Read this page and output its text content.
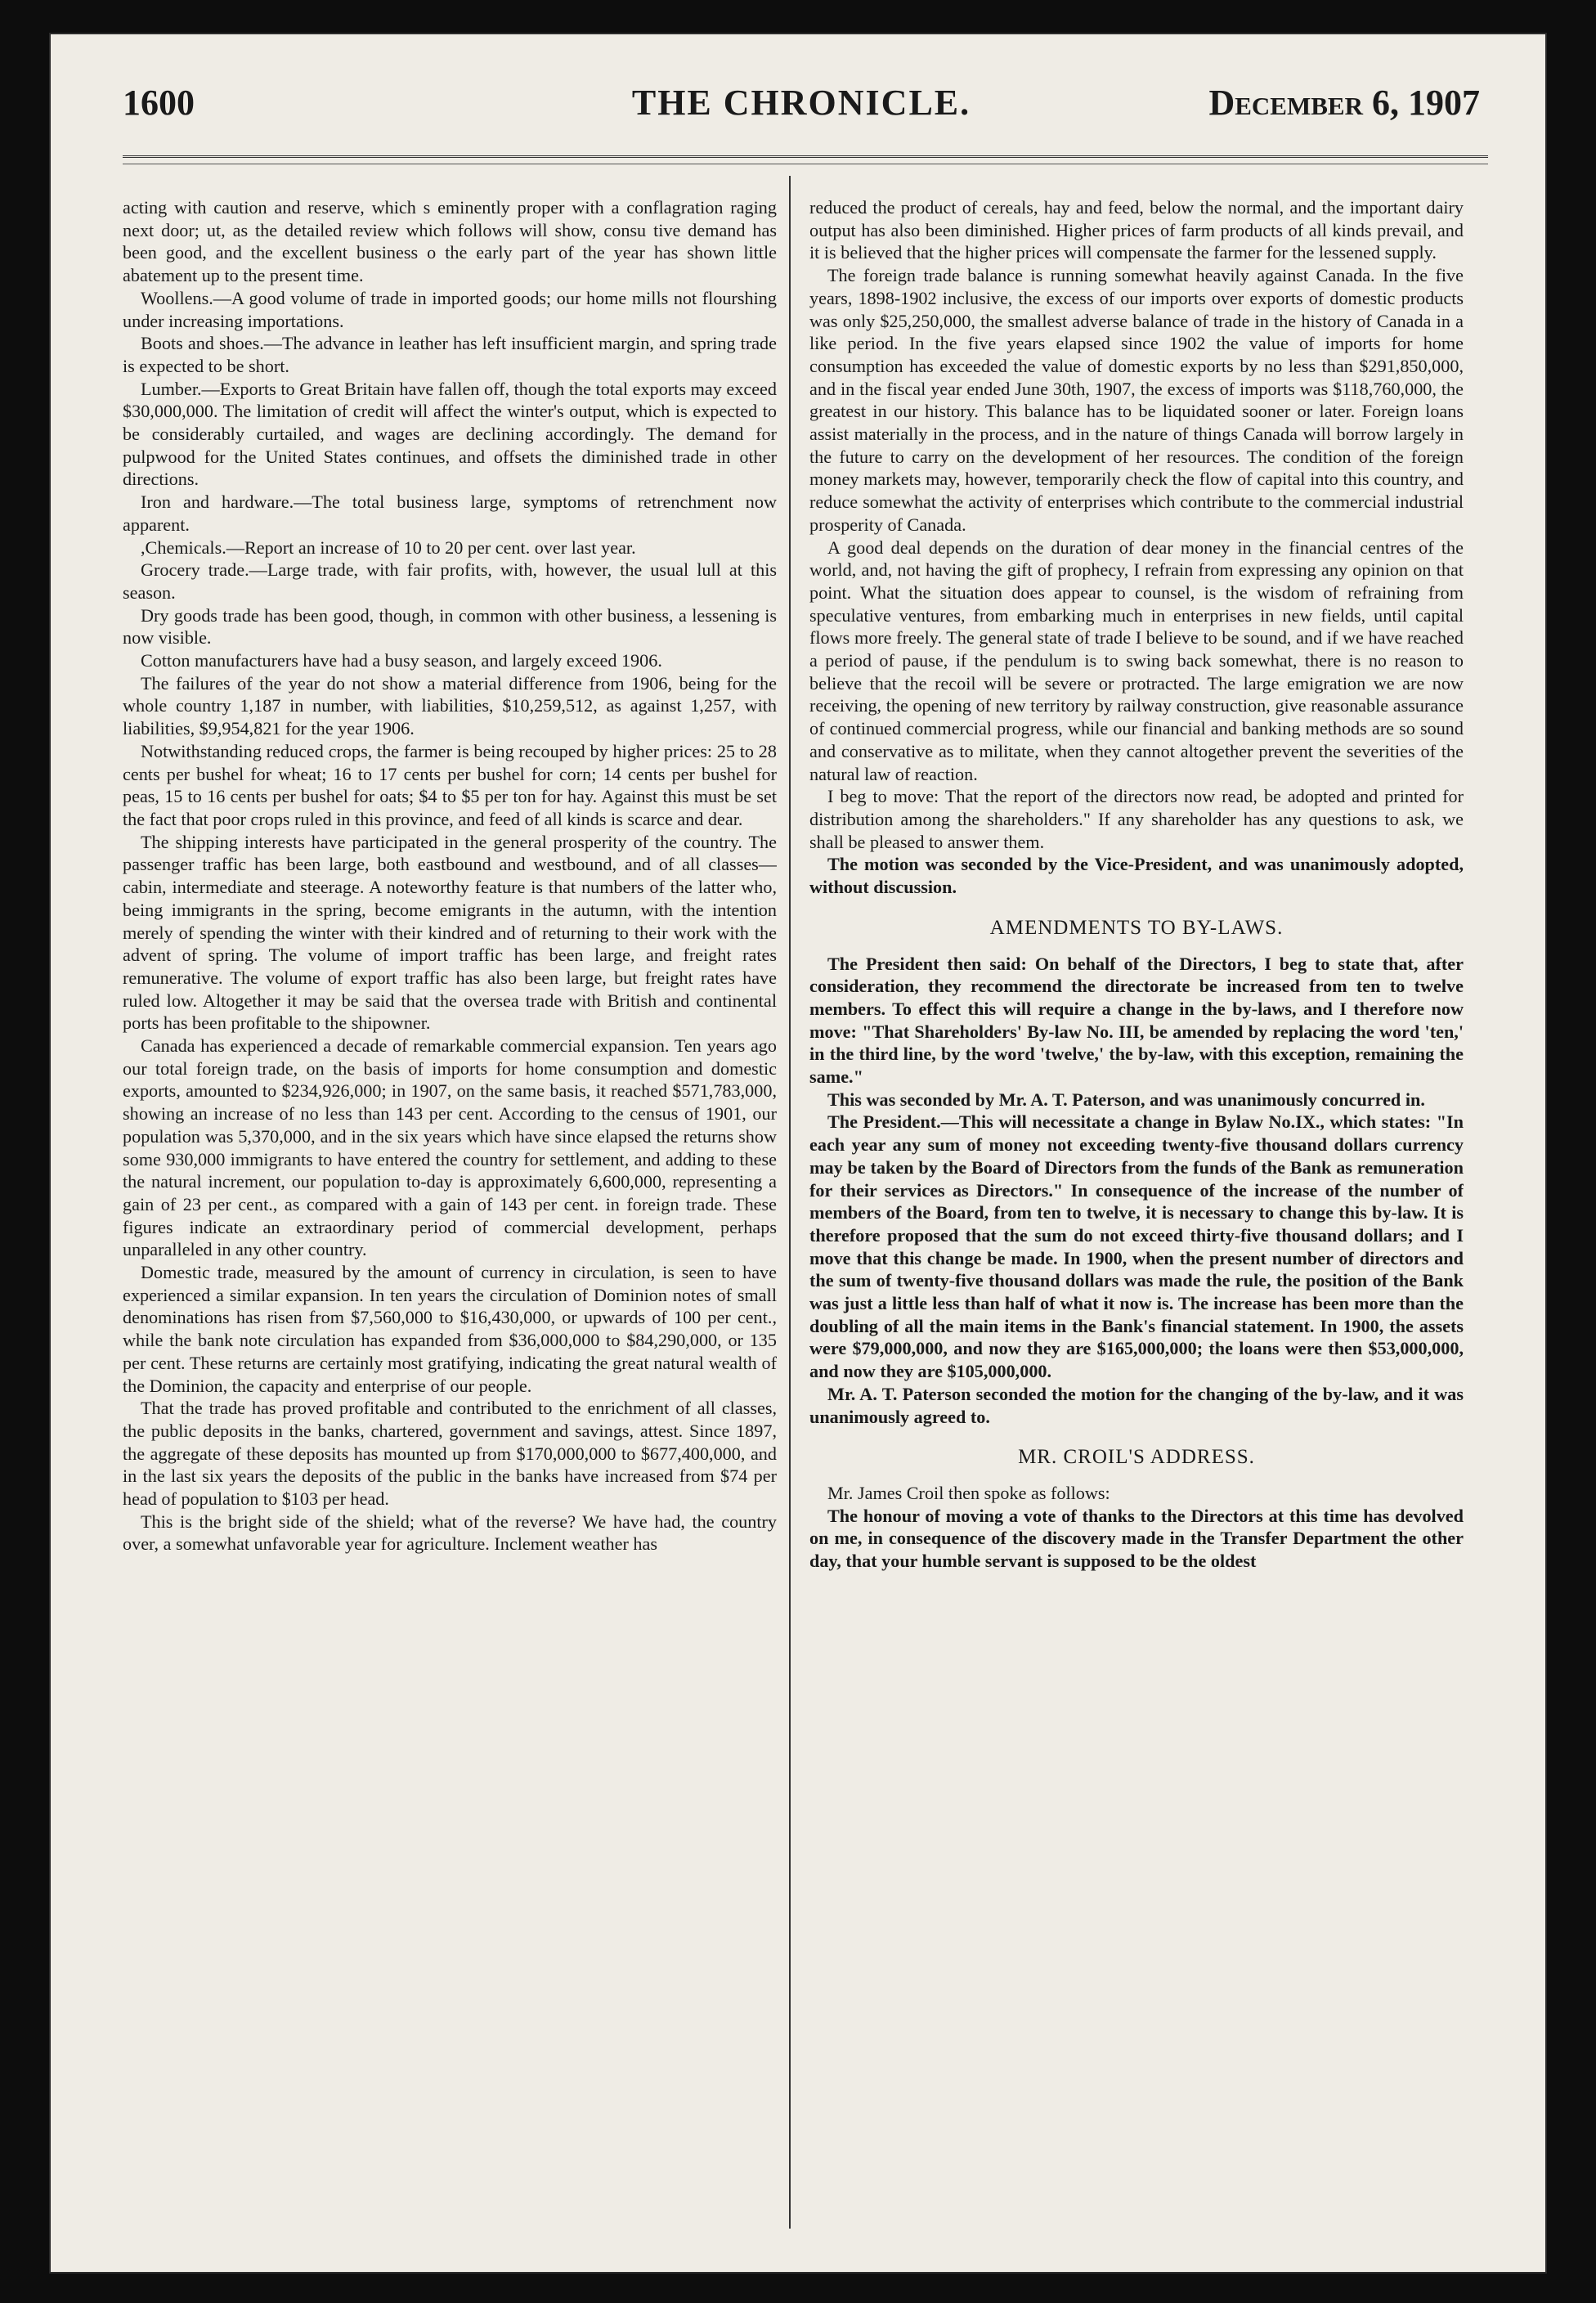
THE CHRONICLE.
1600	December 6, 1907

acting with caution and reserve, which s eminently proper with a conflagration raging next door; ut, as the detailed review which follows will show, consu tive demand has been good, and the excellent business o the early part of the year has shown little abatement up to the present time.

Woollens.—A good volume of trade in imported goods; our home mills not flourshing under increasing importations.

Boots and shoes.—The advance in leather has left insufficient margin, and spring trade is expected to be short.

Lumber.—Exports to Great Britain have fallen off, though the total exports may exceed $30,000,000. The limitation of credit will affect the winter's output, which is expected to be considerably curtailed, and wages are declining accordingly. The demand for pulpwood for the United States continues, and offsets the diminished trade in other directions.

Iron and hardware.—The total business large, symptoms of retrenchment now apparent.

,Chemicals.—Report an increase of 10 to 20 per cent. over last year.

Grocery trade.—Large trade, with fair profits, with, however, the usual lull at this season.

Dry goods trade has been good, though, in common with other business, a lessening is now visible.

Cotton manufacturers have had a busy season, and largely exceed 1906.

The failures of the year do not show a material difference from 1906, being for the whole country 1,187 in number, with liabilities, $10,259,512, as against 1,257, with liabilities, $9,954,821 for the year 1906.

Notwithstanding reduced crops, the farmer is being recouped by higher prices: 25 to 28 cents per bushel for wheat; 16 to 17 cents per bushel for corn; 14 cents per bushel for peas, 15 to 16 cents per bushel for oats; $4 to $5 per ton for hay. Against this must be set the fact that poor crops ruled in this province, and feed of all kinds is scarce and dear.

The shipping interests have participated in the general prosperity of the country. The passenger traffic has been large, both eastbound and westbound, and of all classes—cabin, intermediate and steerage. A noteworthy feature is that numbers of the latter who, being immigrants in the spring, become emigrants in the autumn, with the intention merely of spending the winter with their kindred and of returning to their work with the advent of spring. The volume of import traffic has been large, and freight rates remunerative. The volume of export traffic has also been large, but freight rates have ruled low. Altogether it may be said that the oversea trade with British and continental ports has been profitable to the shipowner.

Canada has experienced a decade of remarkable commercial expansion. Ten years ago our total foreign trade, on the basis of imports for home consumption and domestic exports, amounted to $234,926,000; in 1907, on the same basis, it reached $571,783,000, showing an increase of no less than 143 per cent. According to the census of 1901, our population was 5,370,000, and in the six years which have since elapsed the returns show some 930,000 immigrants to have entered the country for settlement, and adding to these the natural increment, our population to-day is approximately 6,600,000, representing a gain of 23 per cent., as compared with a gain of 143 per cent. in foreign trade. These figures indicate an extraordinary period of commercial development, perhaps unparalleled in any other country.

Domestic trade, measured by the amount of currency in circulation, is seen to have experienced a similar expansion. In ten years the circulation of Dominion notes of small denominations has risen from $7,560,000 to $16,430,000, or upwards of 100 per cent., while the bank note circulation has expanded from $36,000,000 to $84,290,000, or 135 per cent. These returns are certainly most gratifying, indicating the great natural wealth of the Dominion, the capacity and enterprise of our people.

That the trade has proved profitable and contributed to the enrichment of all classes, the public deposits in the banks, chartered, government and savings, attest. Since 1897, the aggregate of these deposits has mounted up from $170,000,000 to $677,400,000, and in the last six years the deposits of the public in the banks have increased from $74 per head of population to $103 per head.

This is the bright side of the shield; what of the reverse? We have had, the country over, a somewhat unfavorable year for agriculture. Inclement weather has

reduced the product of cereals, hay and feed, below the normal, and the important dairy output has also been diminished. Higher prices of farm products of all kinds prevail, and it is believed that the higher prices will compensate the farmer for the lessened supply.

The foreign trade balance is running somewhat heavily against Canada. In the five years, 1898-1902 inclusive, the excess of our imports over exports of domestic products was only $25,250,000, the smallest adverse balance of trade in the history of Canada in a like period. In the five years elapsed since 1902 the value of imports for home consumption has exceeded the value of domestic exports by no less than $291,850,000, and in the fiscal year ended June 30th, 1907, the excess of imports was $118,760,000, the greatest in our history. This balance has to be liquidated sooner or later. Foreign loans assist materially in the process, and in the nature of things Canada will borrow largely in the future to carry on the development of her resources. The condition of the foreign money markets may, however, temporarily check the flow of capital into this country, and reduce somewhat the activity of enterprises which contribute to the commercial industrial prosperity of Canada.

A good deal depends on the duration of dear money in the financial centres of the world, and, not having the gift of prophecy, I refrain from expressing any opinion on that point. What the situation does appear to counsel, is the wisdom of refraining from speculative ventures, from embarking much in enterprises in new fields, until capital flows more freely. The general state of trade I believe to be sound, and if we have reached a period of pause, if the pendulum is to swing back somewhat, there is no reason to believe that the recoil will be severe or protracted. The large emigration we are now receiving, the opening of new territory by railway construction, give reasonable assurance of continued commercial progress, while our financial and banking methods are so sound and conservative as to militate, when they cannot altogether prevent the severities of the natural law of reaction.

I beg to move: That the report of the directors now read, be adopted and printed for distribution among the shareholders." If any shareholder has any questions to ask, we shall be pleased to answer them.

The motion was seconded by the Vice-President, and was unanimously adopted, without discussion.

AMENDMENTS TO BY-LAWS.

The President then said: On behalf of the Directors, I beg to state that, after consideration, they recommend the directorate be increased from ten to twelve members. To effect this will require a change in the by-laws, and I therefore now move: "That Shareholders' By-law No. III, be amended by replacing the word 'ten,' in the third line, by the word 'twelve,' the by-law, with this exception, remaining the same."

This was seconded by Mr. A. T. Paterson, and was unanimously concurred in.

The President.—This will necessitate a change in Bylaw No.IX., which states: "In each year any sum of money not exceeding twenty-five thousand dollars currency may be taken by the Board of Directors from the funds of the Bank as remuneration for their services as Directors." In consequence of the increase of the number of members of the Board, from ten to twelve, it is necessary to change this by-law. It is therefore proposed that the sum do not exceed thirty-five thousand dollars; and I move that this change be made. In 1900, when the present number of directors and the sum of twenty-five thousand dollars was made the rule, the position of the Bank was just a little less than half of what it now is. The increase has been more than the doubling of all the main items in the Bank's financial statement. In 1900, the assets were $79,000,000, and now they are $165,000,000; the loans were then $53,000,000, and now they are $105,000,000.

Mr. A. T. Paterson seconded the motion for the changing of the by-law, and it was unanimously agreed to.

MR. CROIL'S ADDRESS.

Mr. James Croil then spoke as follows:

The honour of moving a vote of thanks to the Directors at this time has devolved on me, in consequence of the discovery made in the Transfer Department the other day, that your humble servant is supposed to be the oldest
